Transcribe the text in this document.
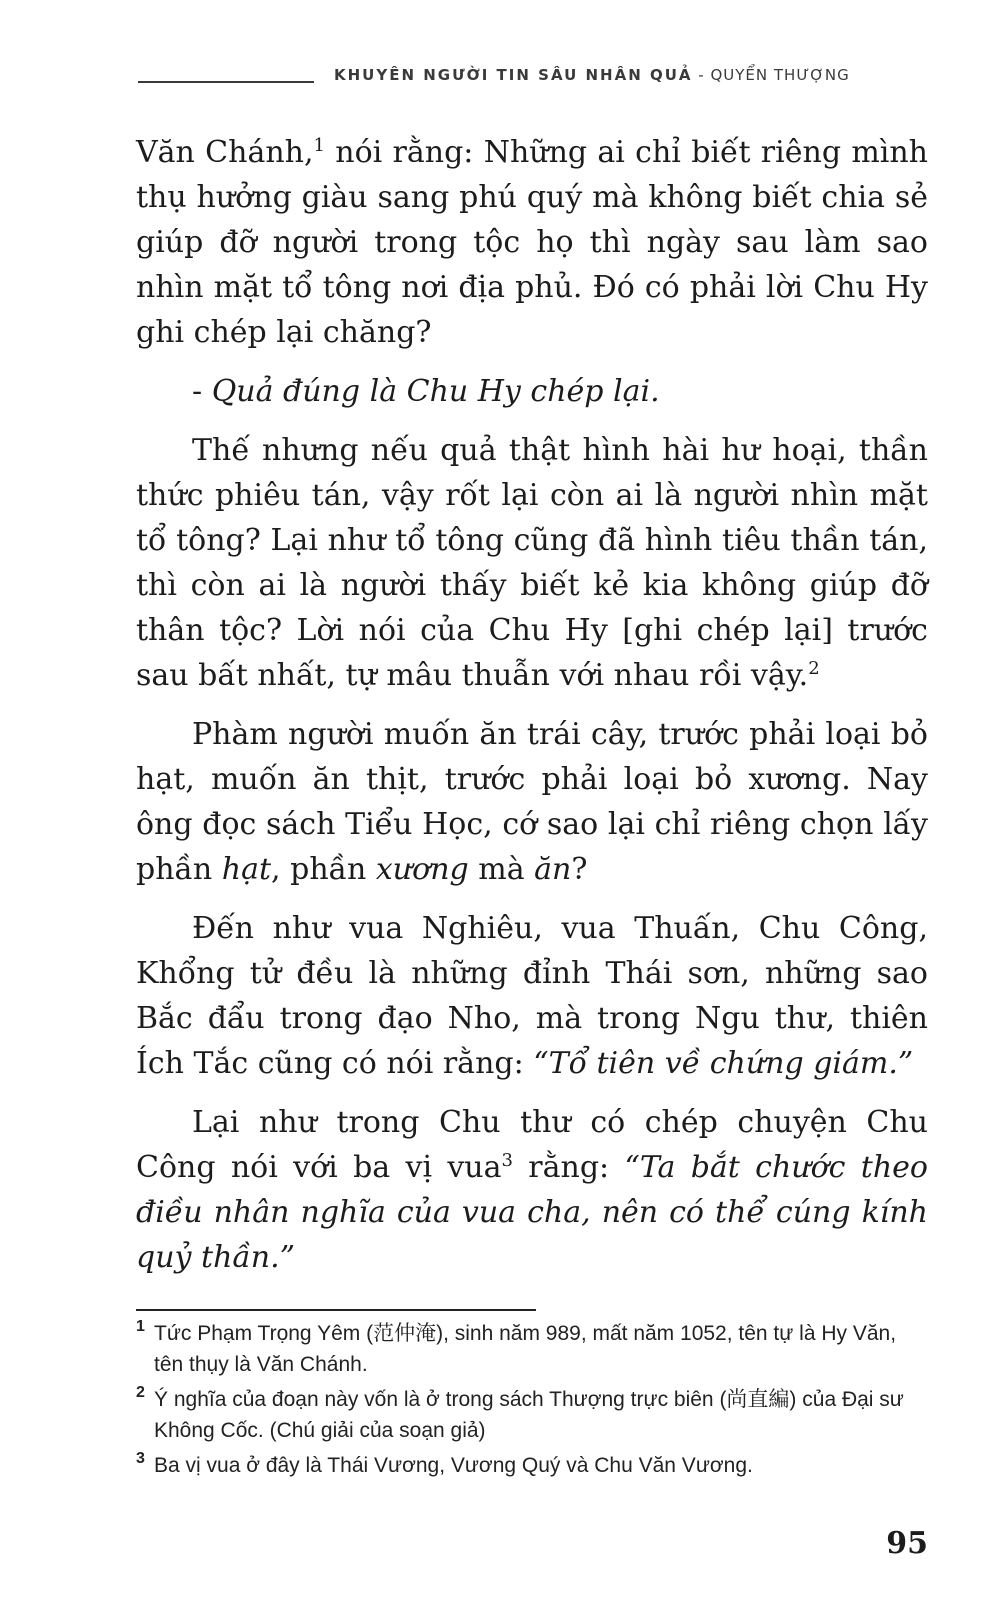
KHUYÊN NGƯỜI TIN SÂU NHÂN QUẢ - QUYỂN THƯỢNG

Văn Chánh,$^1$ nói rằng: Những ai chỉ biết riêng mình thụ hưởng giàu sang phú quý mà không biết chia sẻ giúp đỡ người trong tộc họ thì ngày sau làm sao nhìn mặt tổ tông nơi địa phủ. Đó có phải lời Chu Hy ghi chép lại chăng?

- Quả đúng là Chu Hy chép lại.

Thế nhưng nếu quả thật hình hài hư hoại, thần thức phiêu tán, vậy rốt lại còn ai là người nhìn mặt tổ tông? Lại như tổ tông cũng đã hình tiêu thần tán, thì còn ai là người thấy biết kẻ kia không giúp đỡ thân tộc? Lời nói của Chu Hy [ghi chép lại] trước sau bất nhất, tự mâu thuẫn với nhau rồi vậy.$^2$

Phàm người muốn ăn trái cây, trước phải loại bỏ hạt, muốn ăn thịt, trước phải loại bỏ xương. Nay ông đọc sách Tiểu Học, cớ sao lại chỉ riêng chọn lấy phần hạt, phần xương mà ăn?

Đến như vua Nghiêu, vua Thuấn, Chu Công, Khổng tử đều là những đỉnh Thái sơn, những sao Bắc đẩu trong đạo Nho, mà trong Ngu thư, thiên Ích Tắc cũng có nói rằng: “Tổ tiên về chứng giám.”

Lại như trong Chu thư có chép chuyện Chu Công nói với ba vị vua$^3$ rằng: “Ta bắt chước theo điều nhân nghĩa của vua cha, nên có thể cúng kính quỷ thần.”

1 Tức Phạm Trọng Yêm (范仲淹), sinh năm 989, mất năm 1052, tên tự là Hy Văn, tên thụy là Văn Chánh.
2 Ý nghĩa của đoạn này vốn là ở trong sách Thượng trực biên (尚直編) của Đại sư Không Cốc. (Chú giải của soạn giả)
3 Ba vị vua ở đây là Thái Vương, Vương Quý và Chu Văn Vương.
95
